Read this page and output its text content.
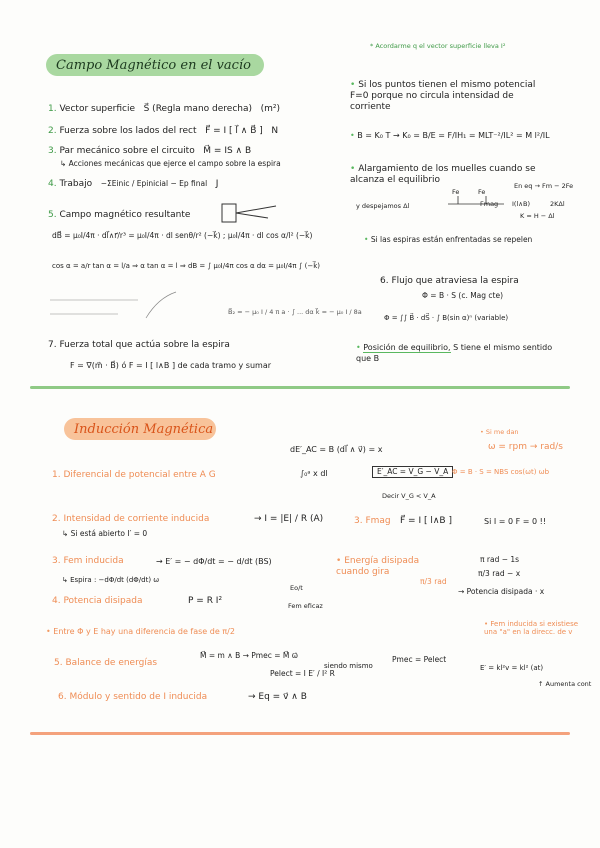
Campo Magnético en el vacío
* Acordarme q el vector superficie lleva I²
1. Vector superficie S⃗ (Regla mano derecha) (m²)
2. Fuerza sobre los lados del rect F⃗ = I [ l⃗ ∧ B⃗ ] N
3. Par mecánico sobre el circuito M⃗ = IS ∧ B
↳ Acciones mecánicas que ejerce el campo sobre la espira
4. Trabajo −ΣEinic / Epinicial − Ep final J
5. Campo magnético resultante
dB⃗ = μ₀I/4π · dl⃗∧r⃗/r³ = μ₀I/4π · dl senθ/r² (−k⃗) ; μ₀I/4π · dl cos α/l² (−k⃗)
cos α = a/r tan α = l/a ⇒ α tan α = l ⇒ dB = ∫ μ₀I/4π cos α dα = μ₀I/4π ∫ (−k⃗)
B⃗₂ = − μ₀ I / 4 π a · ∫ ... dα k⃗ = − μ₀ I / 8a
7. Fuerza total que actúa sobre la espira
F = ∇(m⃗ · B⃗) ó F = I [ l∧B ] de cada tramo y sumar
• Si los puntos tienen el mismo potencial F=0 porque no circula intensidad de corriente
• B = K₀ T → K₀ = B/E = F/IH₁ = MLT⁻²/IL² = M l²/IL
• Alargamiento de los muelles cuando se alcanza el equilibrio
y despejamos Δl
En eq → Fm − 2Fe
Fe	Fe
Fmag I(l∧B)	2KΔl
K = H − Δl
• Si las espiras están enfrentadas se repelen
6. Flujo que atraviesa la espira
Φ = B · S (c. Mag cte)
Φ = ∫∫ B⃗ · dS⃗ · ∫ B(sin α)ⁿ (variable)
• Posición de equilibrio, S tiene el mismo sentido que B
Inducción Magnética	• Si me dan
ω = rpm → rad/s
1. Diferencial de potencial entre A G
dE′_AC = B (dl⃗ ∧ v⃗) = x
∫₀ᵃ x dl	E′_AC = V_G − V_A
Decir V_G < V_A
Φ = B · S = NBS cos(ωt) ωb
2. Intensidad de corriente inducida	→ I = |E| / R (A)
↳ Si está abierto I′ = 0
3. Fmag F⃗ = I [ l∧B ]	Si I = 0 F = 0 !!
3. Fem inducida	→ E′ = − dΦ/dt = − d/dt (BS)
↳ Espira : −dΦ/dt (dΦ/dt) ω
• Energía disipada cuando gira
π/3 rad
π rad − 1s
π/3 rad − x
→ Potencia disipada · x
Eo/t
Fem eficaz
4. Potencia disipada	P = R I²
• Entre Φ y E hay una diferencia de fase de π/2
• Fem inducida si existiese una "a" en la direcc. de v
5. Balance de energías
M⃗ = m ∧ B → Pmec = M⃗ ω⃗
siendo mismo
Pelect = I E′ / I² R
Pmec = Pelect
E′ = kl²v = kl² (at)
↑ Aumenta cont
6. Módulo y sentido de I inducida	→ Eq = v⃗ ∧ B
